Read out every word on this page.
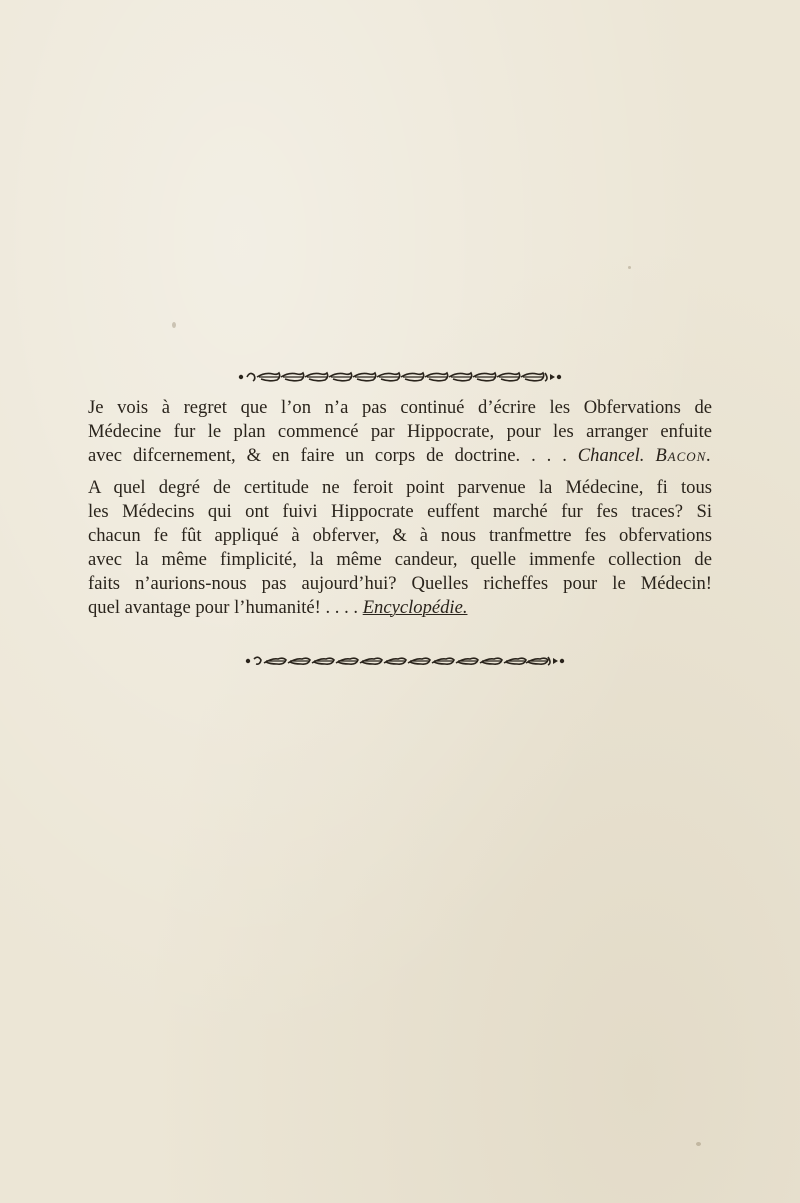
Je vois à regret que l’on n’a pas continué d’écrire les Obfervations de
Médecine fur le plan commencé par Hippocrate, pour les arranger enfuite
avec difcernement, & en faire un corps de doctrine. . . . Chancel. Bacon.
A quel degré de certitude ne feroit point parvenue la Médecine, fi tous
les Médecins qui ont fuivi Hippocrate euffent marché fur fes traces? Si
chacun fe fût appliqué à obferver, & à nous tranfmettre fes obfervations
avec la même fimplicité, la même candeur, quelle immenfe collection de
faits n’aurions-nous pas aujourd’hui? Quelles richeffes pour le Médecin!
quel avantage pour l’humanité! . . . . Encyclopédie.
